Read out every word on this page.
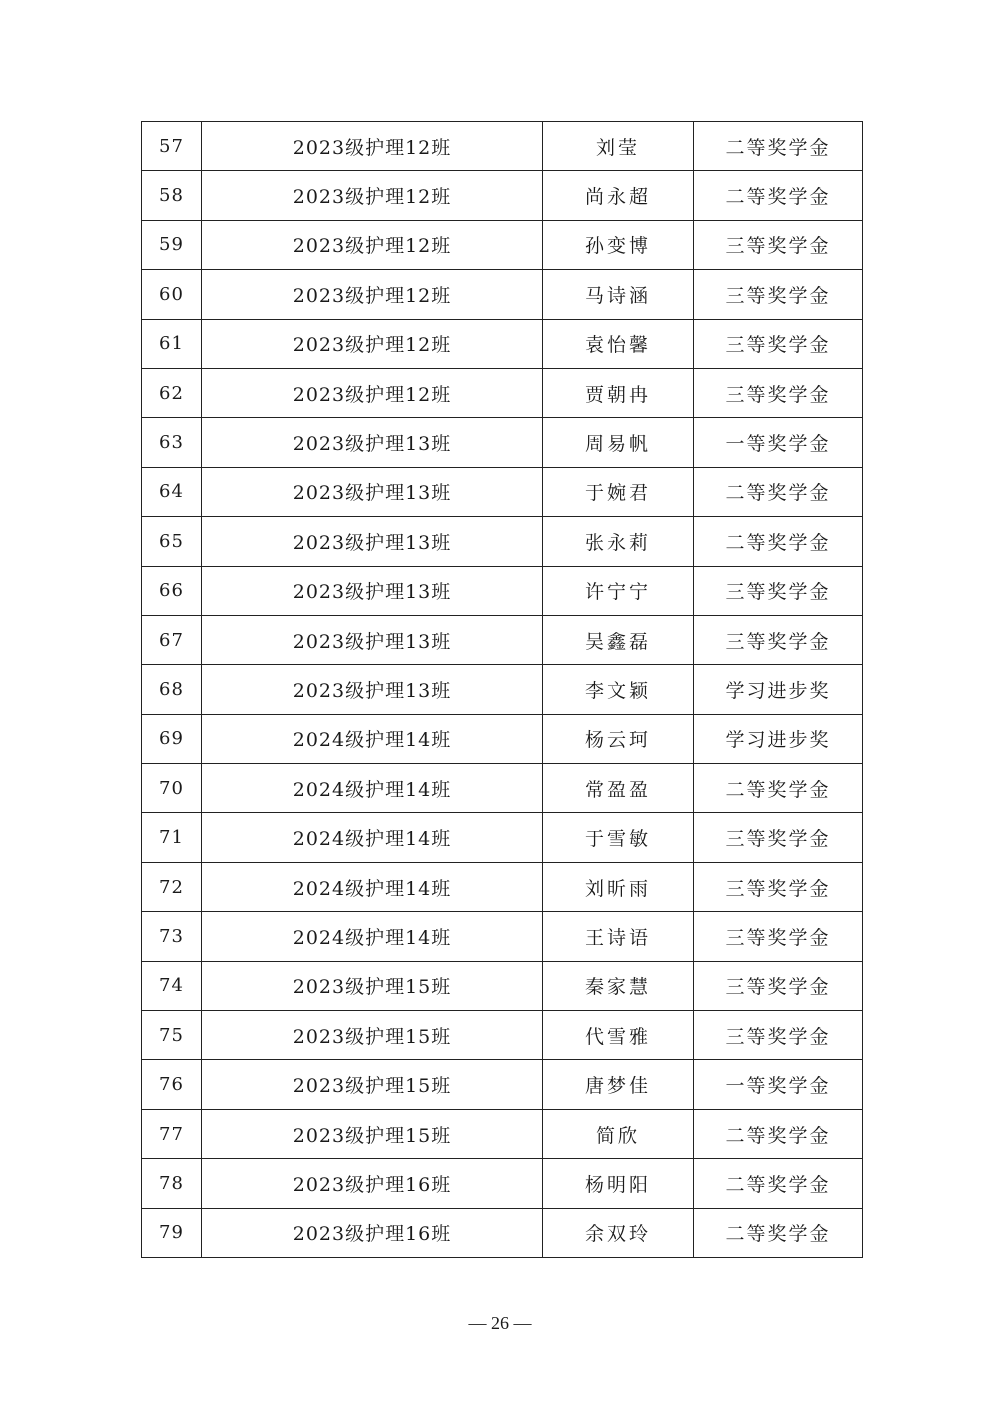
57	2023级护理12班	刘莹	二等奖学金
58	2023级护理12班	尚永超	二等奖学金
59	2023级护理12班	孙变博	三等奖学金
60	2023级护理12班	马诗涵	三等奖学金
61	2023级护理12班	袁怡馨	三等奖学金
62	2023级护理12班	贾朝冉	三等奖学金
63	2023级护理13班	周易帆	一等奖学金
64	2023级护理13班	于婉君	二等奖学金
65	2023级护理13班	张永莉	二等奖学金
66	2023级护理13班	许宁宁	三等奖学金
67	2023级护理13班	吴鑫磊	三等奖学金
68	2023级护理13班	李文颖	学习进步奖
69	2024级护理14班	杨云珂	学习进步奖
70	2024级护理14班	常盈盈	二等奖学金
71	2024级护理14班	于雪敏	三等奖学金
72	2024级护理14班	刘昕雨	三等奖学金
73	2024级护理14班	王诗语	三等奖学金
74	2023级护理15班	秦家慧	三等奖学金
75	2023级护理15班	代雪雅	三等奖学金
76	2023级护理15班	唐梦佳	一等奖学金
77	2023级护理15班	简欣	二等奖学金
78	2023级护理16班	杨明阳	二等奖学金
79	2023级护理16班	余双玲	二等奖学金
— 26 —
